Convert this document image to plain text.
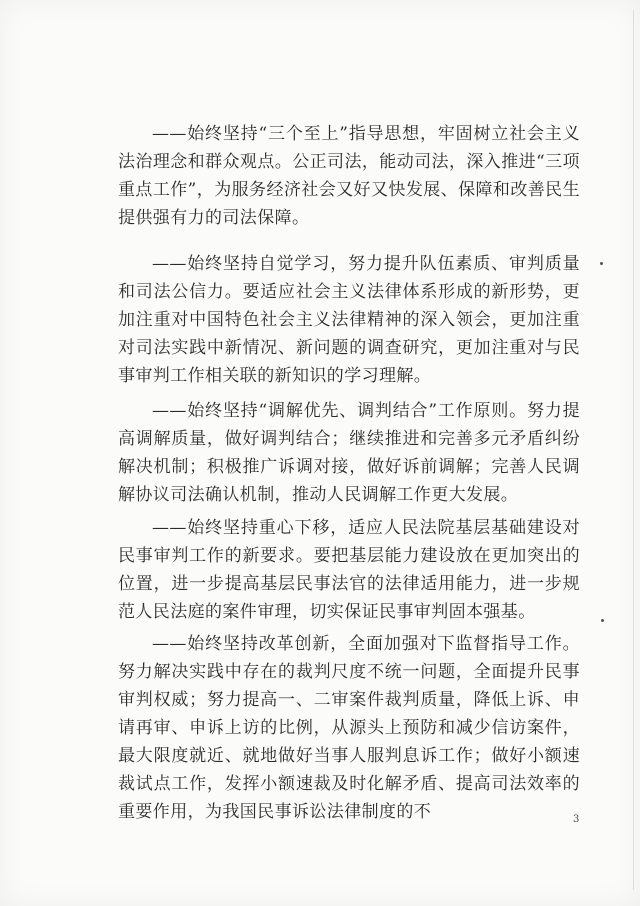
——始终坚持“三个至上”指导思想，牢固树立社会主义法治理念和群众观点。公正司法，能动司法，深入推进“三项重点工作”，为服务经济社会又好又快发展、保障和改善民生提供强有力的司法保障。

——始终坚持自觉学习，努力提升队伍素质、审判质量和司法公信力。要适应社会主义法律体系形成的新形势，更加注重对中国特色社会主义法律精神的深入领会，更加注重对司法实践中新情况、新问题的调查研究，更加注重对与民事审判工作相关联的新知识的学习理解。

——始终坚持“调解优先、调判结合”工作原则。努力提高调解质量，做好调判结合；继续推进和完善多元矛盾纠纷解决机制；积极推广诉调对接，做好诉前调解；完善人民调解协议司法确认机制，推动人民调解工作更大发展。

——始终坚持重心下移，适应人民法院基层基础建设对民事审判工作的新要求。要把基层能力建设放在更加突出的位置，进一步提高基层民事法官的法律适用能力，进一步规范人民法庭的案件审理，切实保证民事审判固本强基。

——始终坚持改革创新，全面加强对下监督指导工作。努力解决实践中存在的裁判尺度不统一问题，全面提升民事审判权威；努力提高一、二审案件裁判质量，降低上诉、申请再审、申诉上访的比例，从源头上预防和减少信访案件，最大限度就近、就地做好当事人服判息诉工作；做好小额速裁试点工作，发挥小额速裁及时化解矛盾、提高司法效率的重要作用，为我国民事诉讼法律制度的不	3
